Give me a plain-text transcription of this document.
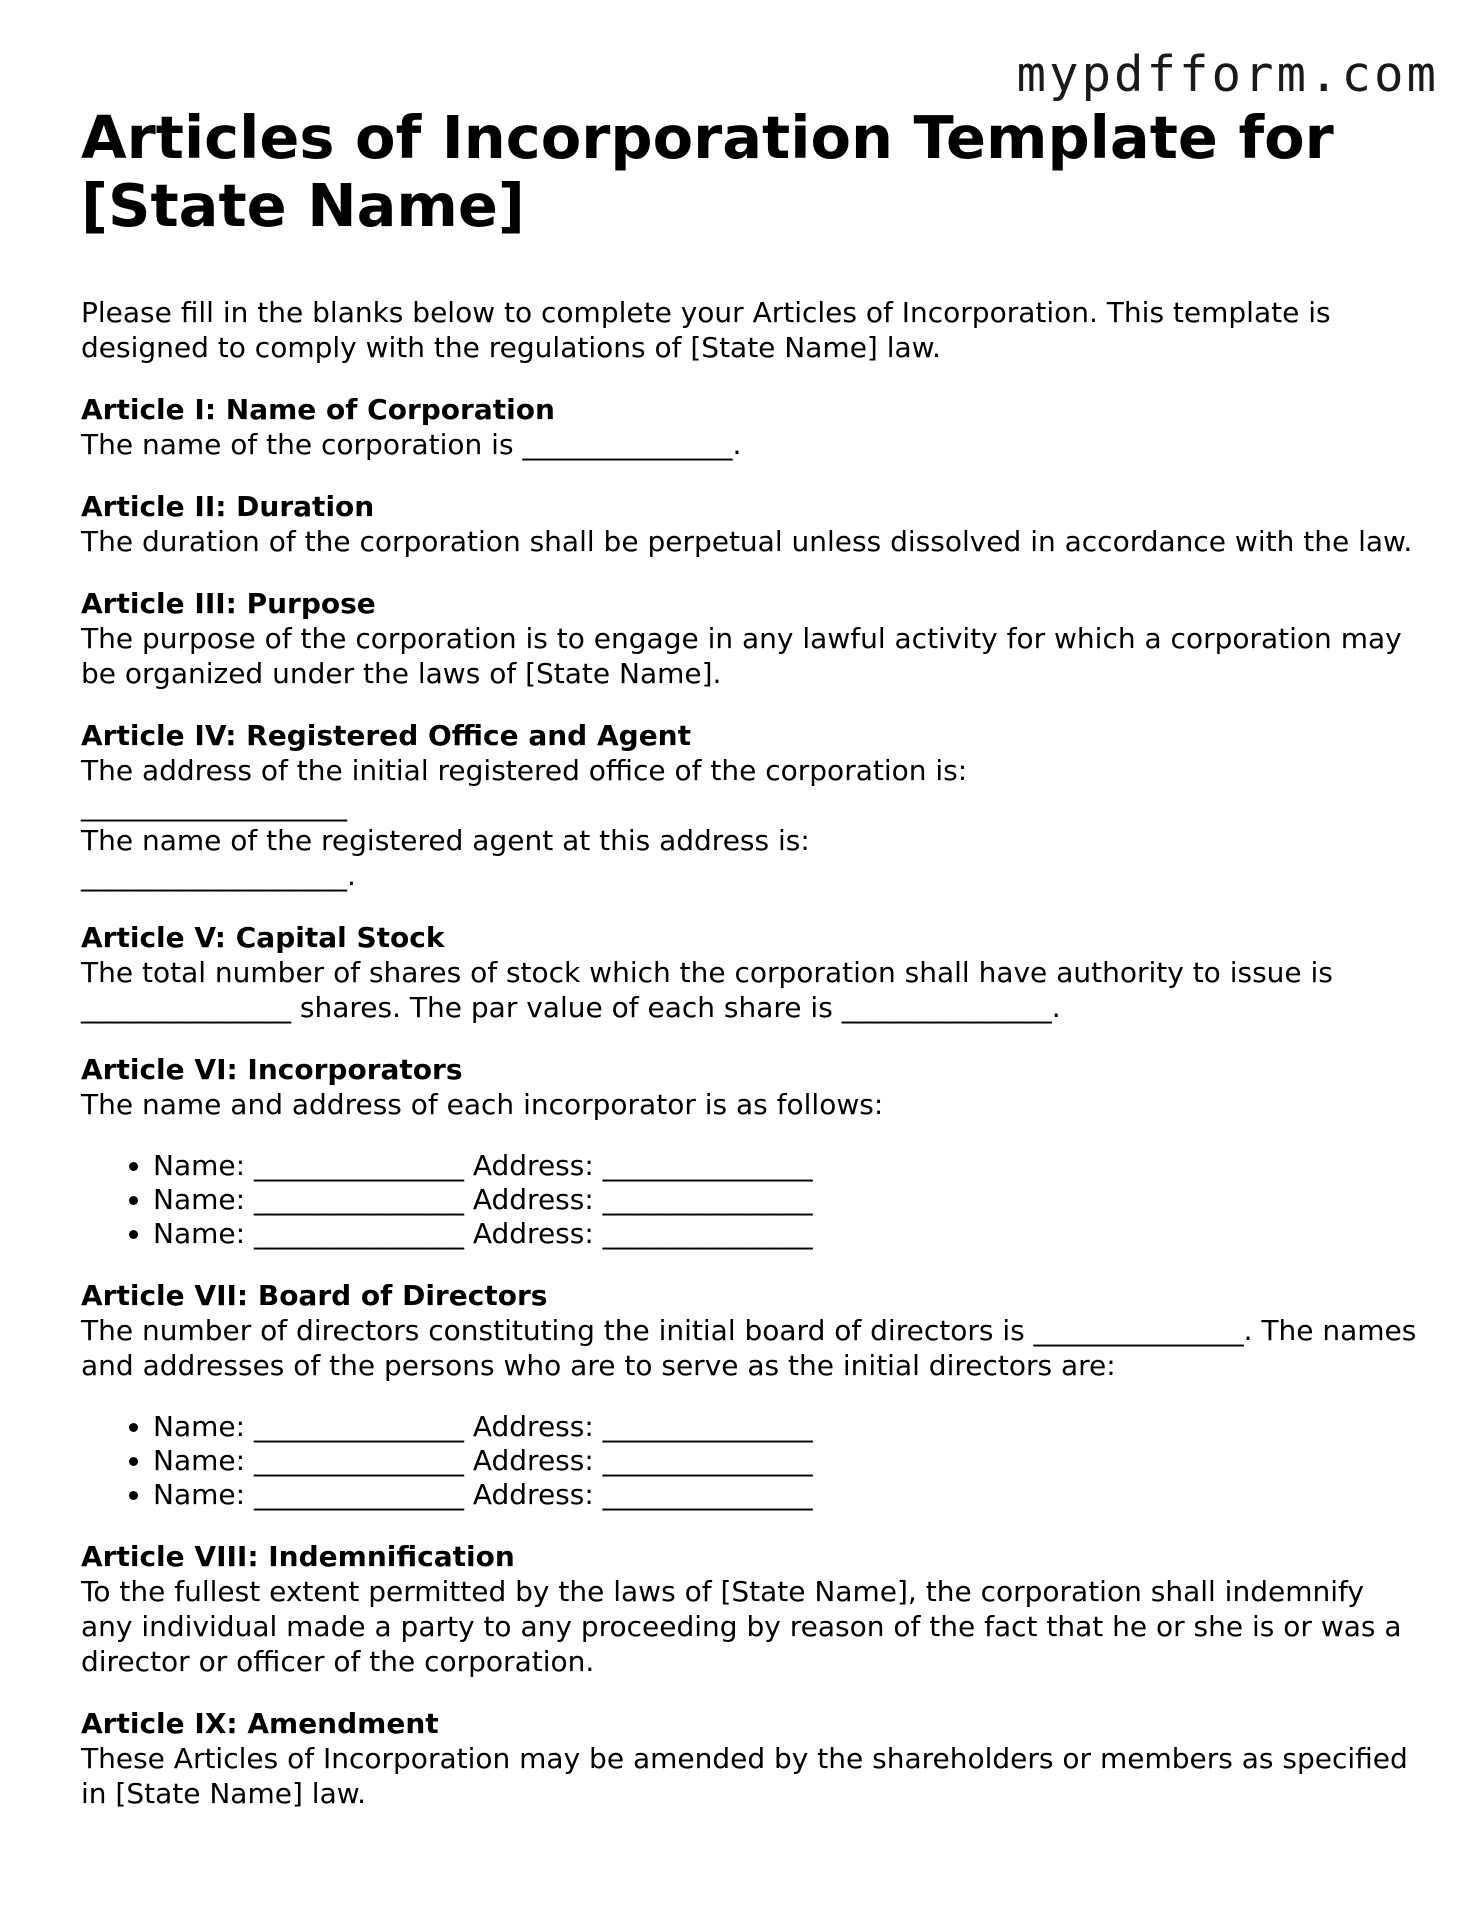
mypdfform.com
Articles of Incorporation Template for [State Name]

Please fill in the blanks below to complete your Articles of Incorporation. This template is designed to comply with the regulations of [State Name] law.

Article I: Name of Corporation

The name of the corporation is _______________.

Article II: Duration

The duration of the corporation shall be perpetual unless dissolved in accordance with the law.

Article III: Purpose

The purpose of the corporation is to engage in any lawful activity for which a corporation may be organized under the laws of [State Name].

Article IV: Registered Office and Agent

The address of the initial registered office of the corporation is:

___________________

The name of the registered agent at this address is:

___________________.

Article V: Capital Stock

The total number of shares of stock which the corporation shall have authority to issue is _______________ shares. The par value of each share is _______________.

Article VI: Incorporators

The name and address of each incorporator is as follows:

• Name: _______________ Address: _______________
• Name: _______________ Address: _______________
• Name: _______________ Address: _______________
Article VII: Board of Directors

The number of directors constituting the initial board of directors is _______________. The names and addresses of the persons who are to serve as the initial directors are:

• Name: _______________ Address: _______________
• Name: _______________ Address: _______________
• Name: _______________ Address: _______________
Article VIII: Indemnification

To the fullest extent permitted by the laws of [State Name], the corporation shall indemnify any individual made a party to any proceeding by reason of the fact that he or she is or was a director or officer of the corporation.

Article IX: Amendment

These Articles of Incorporation may be amended by the shareholders or members as specified in [State Name] law.
